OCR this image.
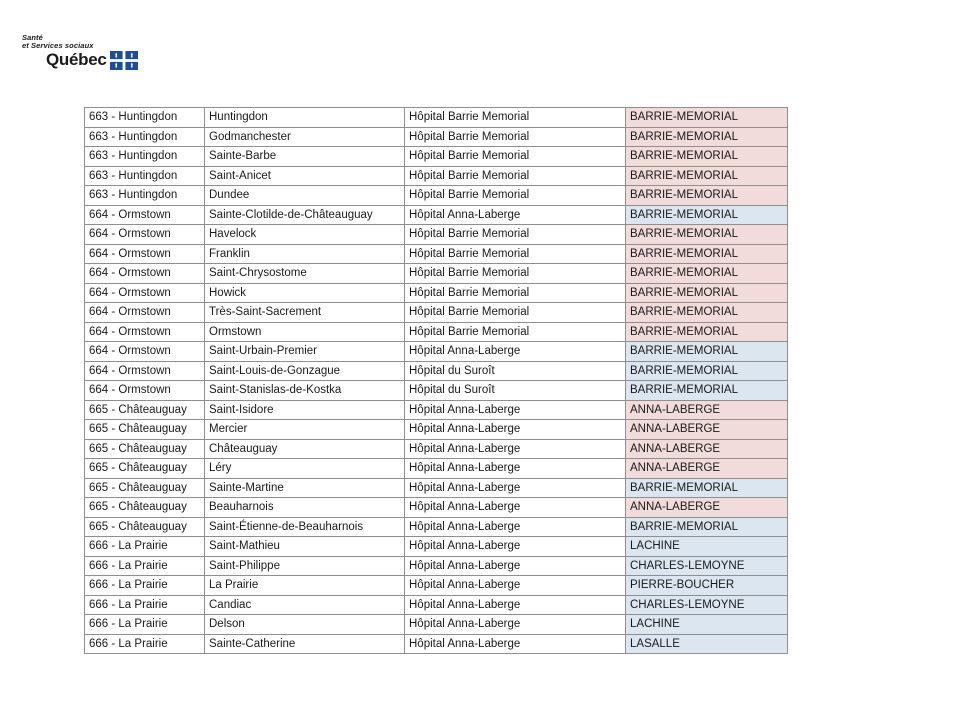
Santé
et Services sociaux
Québec
663 - Huntingdon	Huntingdon	Hôpital Barrie Memorial	BARRIE-MEMORIAL
663 - Huntingdon	Godmanchester	Hôpital Barrie Memorial	BARRIE-MEMORIAL
663 - Huntingdon	Sainte-Barbe	Hôpital Barrie Memorial	BARRIE-MEMORIAL
663 - Huntingdon	Saint-Anicet	Hôpital Barrie Memorial	BARRIE-MEMORIAL
663 - Huntingdon	Dundee	Hôpital Barrie Memorial	BARRIE-MEMORIAL
664 - Ormstown	Sainte-Clotilde-de-Châteauguay	Hôpital Anna-Laberge	BARRIE-MEMORIAL
664 - Ormstown	Havelock	Hôpital Barrie Memorial	BARRIE-MEMORIAL
664 - Ormstown	Franklin	Hôpital Barrie Memorial	BARRIE-MEMORIAL
664 - Ormstown	Saint-Chrysostome	Hôpital Barrie Memorial	BARRIE-MEMORIAL
664 - Ormstown	Howick	Hôpital Barrie Memorial	BARRIE-MEMORIAL
664 - Ormstown	Très-Saint-Sacrement	Hôpital Barrie Memorial	BARRIE-MEMORIAL
664 - Ormstown	Ormstown	Hôpital Barrie Memorial	BARRIE-MEMORIAL
664 - Ormstown	Saint-Urbain-Premier	Hôpital Anna-Laberge	BARRIE-MEMORIAL
664 - Ormstown	Saint-Louis-de-Gonzague	Hôpital du Suroît	BARRIE-MEMORIAL
664 - Ormstown	Saint-Stanislas-de-Kostka	Hôpital du Suroît	BARRIE-MEMORIAL
665 - Châteauguay	Saint-Isidore	Hôpital Anna-Laberge	ANNA-LABERGE
665 - Châteauguay	Mercier	Hôpital Anna-Laberge	ANNA-LABERGE
665 - Châteauguay	Châteauguay	Hôpital Anna-Laberge	ANNA-LABERGE
665 - Châteauguay	Léry	Hôpital Anna-Laberge	ANNA-LABERGE
665 - Châteauguay	Sainte-Martine	Hôpital Anna-Laberge	BARRIE-MEMORIAL
665 - Châteauguay	Beauharnois	Hôpital Anna-Laberge	ANNA-LABERGE
665 - Châteauguay	Saint-Étienne-de-Beauharnois	Hôpital Anna-Laberge	BARRIE-MEMORIAL
666 - La Prairie	Saint-Mathieu	Hôpital Anna-Laberge	LACHINE
666 - La Prairie	Saint-Philippe	Hôpital Anna-Laberge	CHARLES-LEMOYNE
666 - La Prairie	La Prairie	Hôpital Anna-Laberge	PIERRE-BOUCHER
666 - La Prairie	Candiac	Hôpital Anna-Laberge	CHARLES-LEMOYNE
666 - La Prairie	Delson	Hôpital Anna-Laberge	LACHINE
666 - La Prairie	Sainte-Catherine	Hôpital Anna-Laberge	LASALLE
